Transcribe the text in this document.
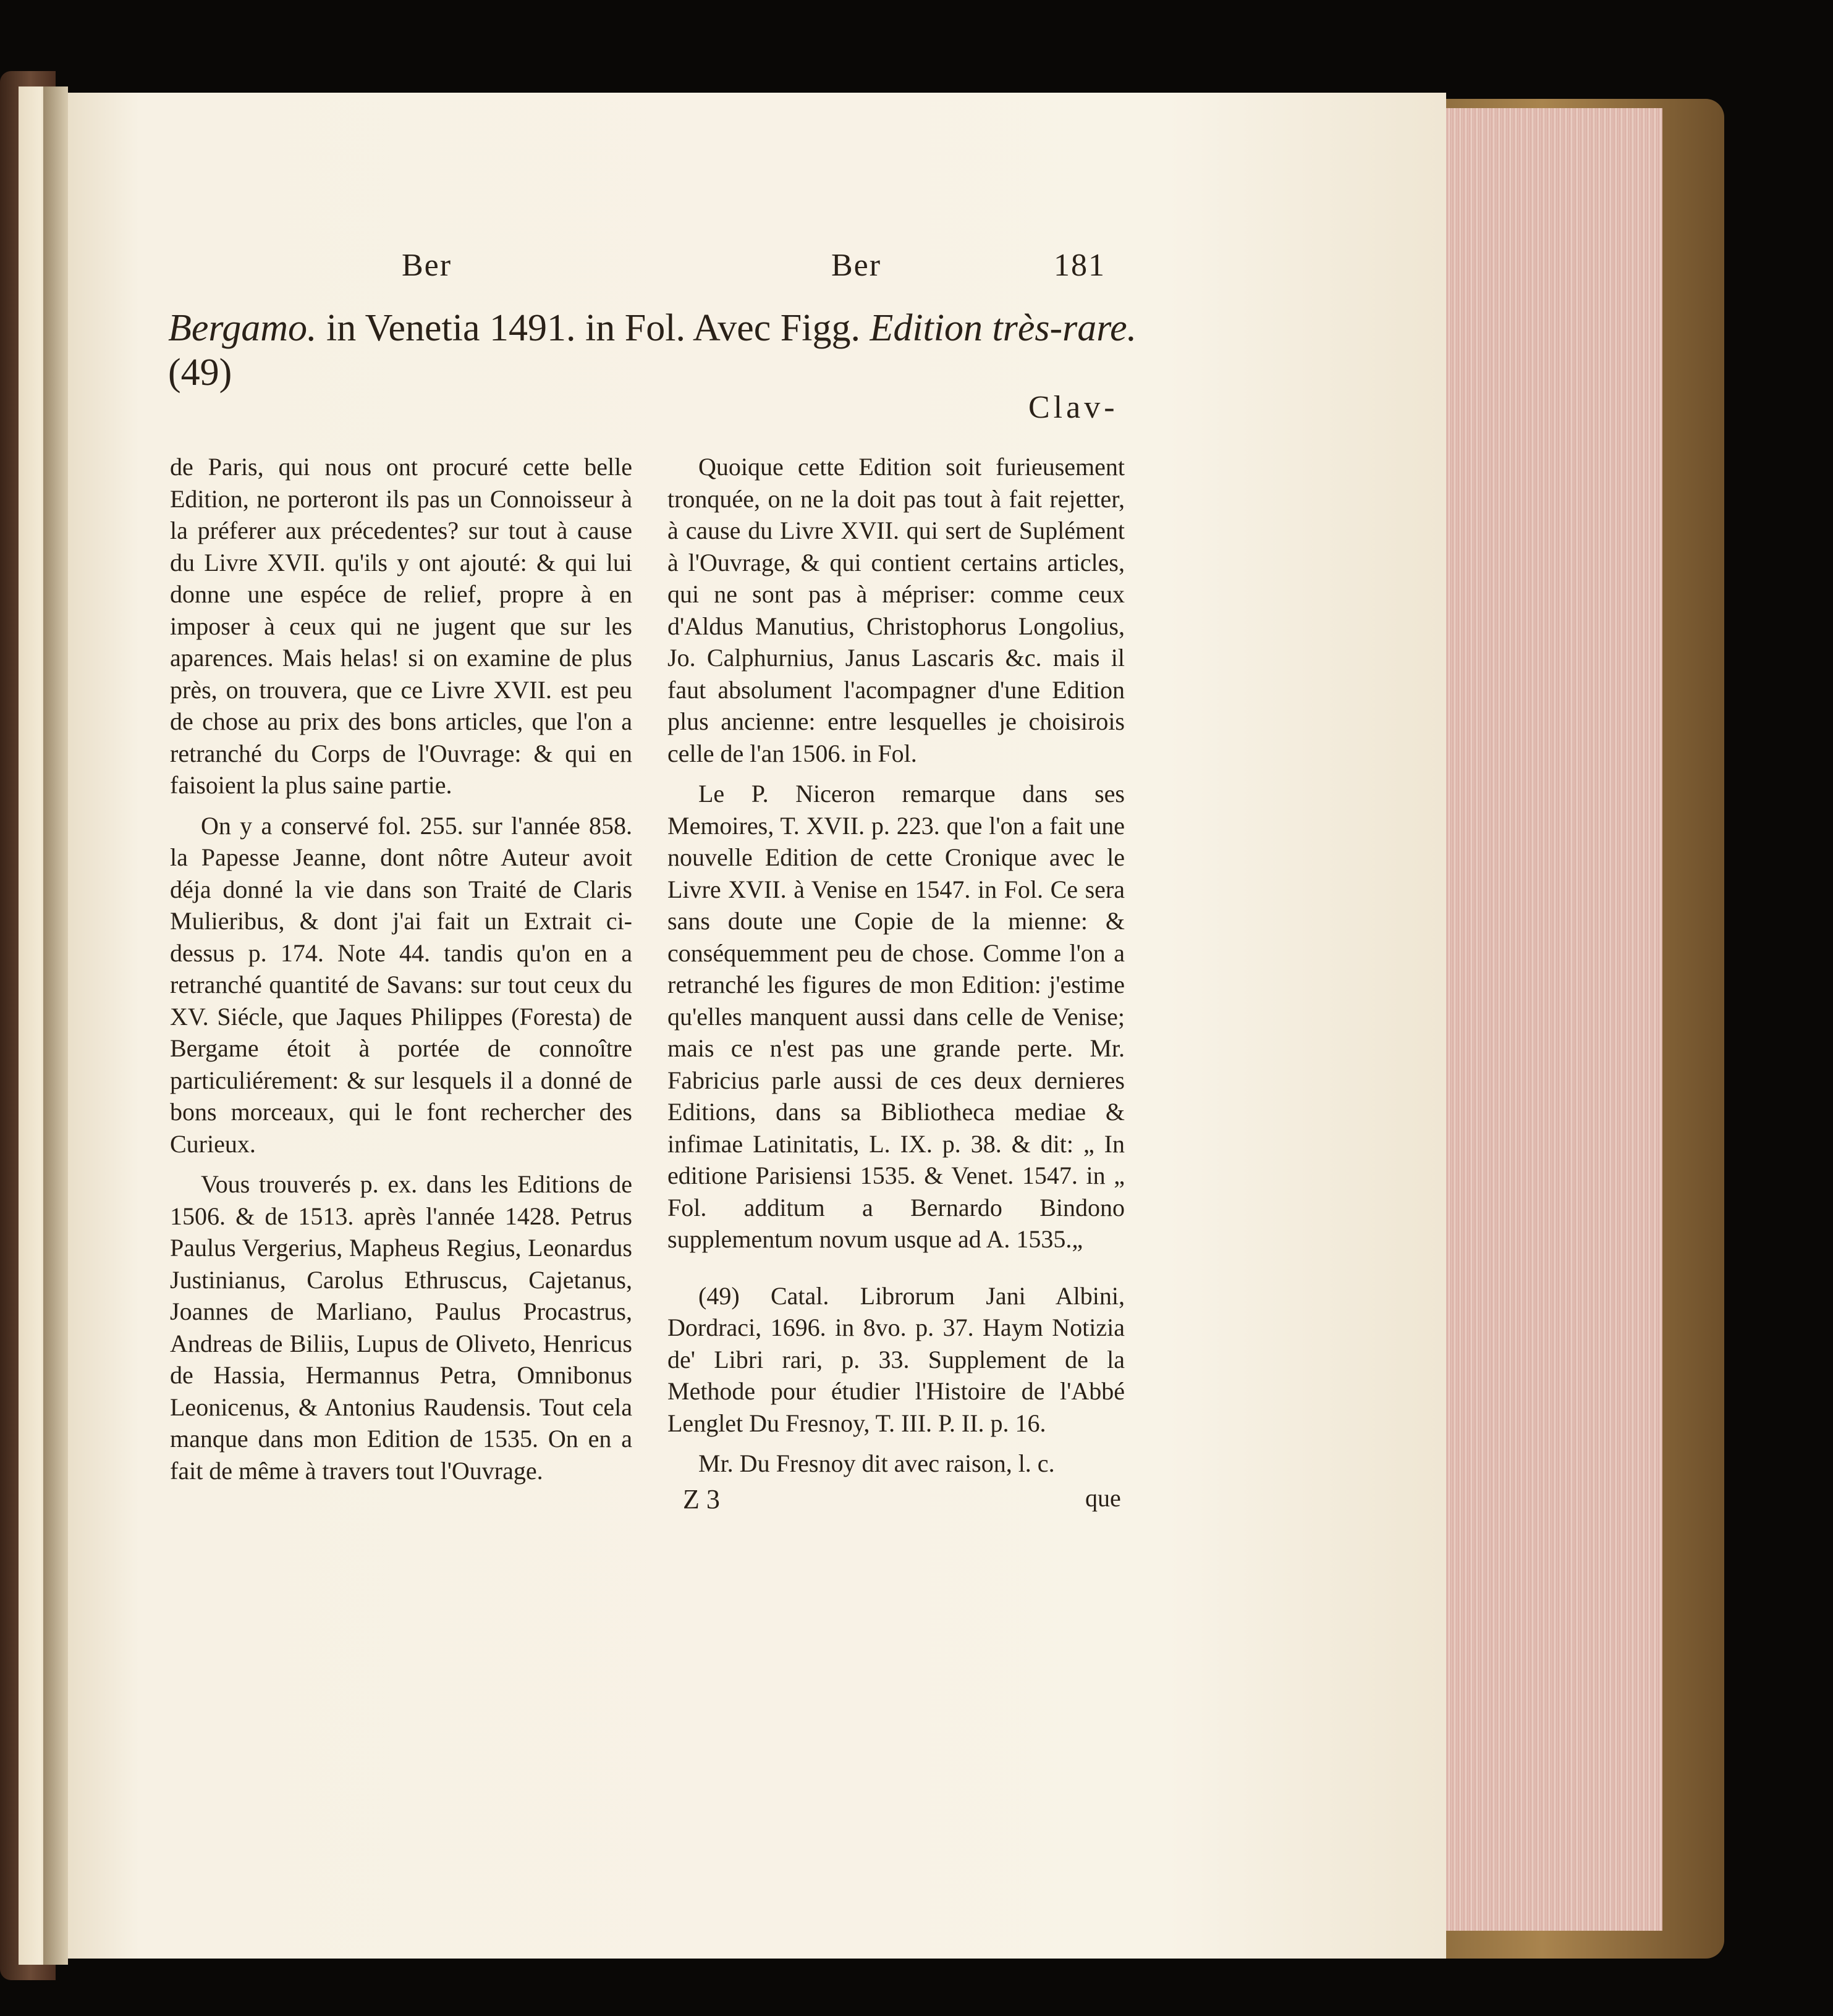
Ber	Ber	181
Bergamo. in Venetia 1491. in Fol. Avec Figg. Edition très-rare. (49)
Clav-

de Paris, qui nous ont procuré cette belle Edition, ne porteront ils pas un Connoisseur à la préferer aux précedentes? sur tout à cause du Livre XVII. qu'ils y ont ajouté: & qui lui donne une espéce de relief, propre à en imposer à ceux qui ne jugent que sur les aparences. Mais helas! si on examine de plus près, on trouvera, que ce Livre XVII. est peu de chose au prix des bons articles, que l'on a retranché du Corps de l'Ouvrage: & qui en faisoient la plus saine partie.

On y a conservé fol. 255. sur l'année 858. la Papesse Jeanne, dont nôtre Auteur avoit déja donné la vie dans son Traité de Claris Mulieribus, & dont j'ai fait un Extrait ci-dessus p. 174. Note 44. tandis qu'on en a retranché quantité de Savans: sur tout ceux du XV. Siécle, que Jaques Philippes (Foresta) de Bergame étoit à portée de connoître particuliérement: & sur lesquels il a donné de bons morceaux, qui le font rechercher des Curieux.

Vous trouverés p. ex. dans les Editions de 1506. & de 1513. après l'année 1428. Petrus Paulus Vergerius, Mapheus Regius, Leonardus Justinianus, Carolus Ethruscus, Cajetanus, Joannes de Marliano, Paulus Procastrus, Andreas de Biliis, Lupus de Oliveto, Henricus de Hassia, Hermannus Petra, Omnibonus Leonicenus, & Antonius Raudensis. Tout cela manque dans mon Edition de 1535. On en a fait de même à travers tout l'Ouvrage.

Quoique cette Edition soit furieusement tronquée, on ne la doit pas tout à fait rejetter, à cause du Livre XVII. qui sert de Suplément à l'Ouvrage, & qui contient certains articles, qui ne sont pas à mépriser: comme ceux d'Aldus Manutius, Christophorus Longolius, Jo. Calphurnius, Janus Lascaris &c. mais il faut absolument l'acompagner d'une Edition plus ancienne: entre lesquelles je choisirois celle de l'an 1506. in Fol.

Le P. Niceron remarque dans ses Memoires, T. XVII. p. 223. que l'on a fait une nouvelle Edition de cette Cronique avec le Livre XVII. à Venise en 1547. in Fol. Ce sera sans doute une Copie de la mienne: & conséquemment peu de chose. Comme l'on a retranché les figures de mon Edition: j'estime qu'elles manquent aussi dans celle de Venise; mais ce n'est pas une grande perte. Mr. Fabricius parle aussi de ces deux dernieres Editions, dans sa Bibliotheca mediae & infimae Latinitatis, L. IX. p. 38. & dit: „ In editione Parisiensi 1535. & Venet. 1547. in „ Fol. additum a Bernardo Bindono supplementum novum usque ad A. 1535.„

(49) Catal. Librorum Jani Albini, Dordraci, 1696. in 8vo. p. 37. Haym Notizia de' Libri rari, p. 33. Supplement de la Methode pour étudier l'Histoire de l'Abbé Lenglet Du Fresnoy, T. III. P. II. p. 16.

Mr. Du Fresnoy dit avec raison, l. c.

Z 3	que
